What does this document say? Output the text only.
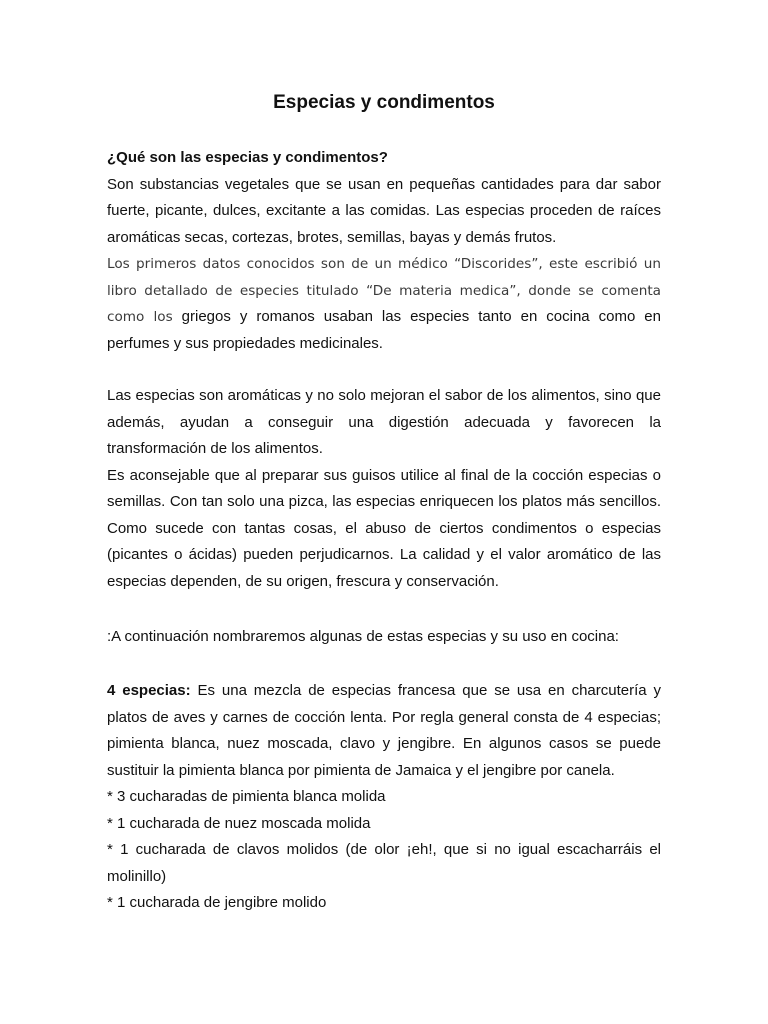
Especias y condimentos

¿Qué son las especias y condimentos?

Son substancias vegetales que se usan en pequeñas cantidades para dar sabor fuerte, picante, dulces, excitante a las comidas. Las especias proceden de raíces aromáticas secas, cortezas, brotes, semillas, bayas y demás frutos.

Los primeros datos conocidos son de un médico “Discorides”, este escribió un libro detallado de especies titulado “De materia medica”, donde se comenta como los griegos y romanos usaban las especies tanto en cocina como en perfumes y sus propiedades medicinales.

Las especias son aromáticas y no solo mejoran el sabor de los alimentos, sino que además, ayudan a conseguir una digestión adecuada y favorecen la transformación de los alimentos.

Es aconsejable que al preparar sus guisos utilice al final de la cocción especias o semillas. Con tan solo una pizca, las especias enriquecen los platos más sencillos. Como sucede con tantas cosas, el abuso de ciertos condimentos o especias (picantes o ácidas) pueden perjudicarnos. La calidad y el valor aromático de las especias dependen, de su origen, frescura y conservación.

:A continuación nombraremos algunas de estas especias y su uso en cocina:

4 especias: Es una mezcla de especias francesa que se usa en charcutería y platos de aves y carnes de cocción lenta. Por regla general consta de 4 especias; pimienta blanca, nuez moscada, clavo y jengibre. En algunos casos se puede sustituir la pimienta blanca por pimienta de Jamaica y el jengibre por canela.

* 3 cucharadas de pimienta blanca molida

* 1 cucharada de nuez moscada molida

* 1 cucharada de clavos molidos (de olor ¡eh!, que si no igual escacharráis el molinillo)

* 1 cucharada de jengibre molido
